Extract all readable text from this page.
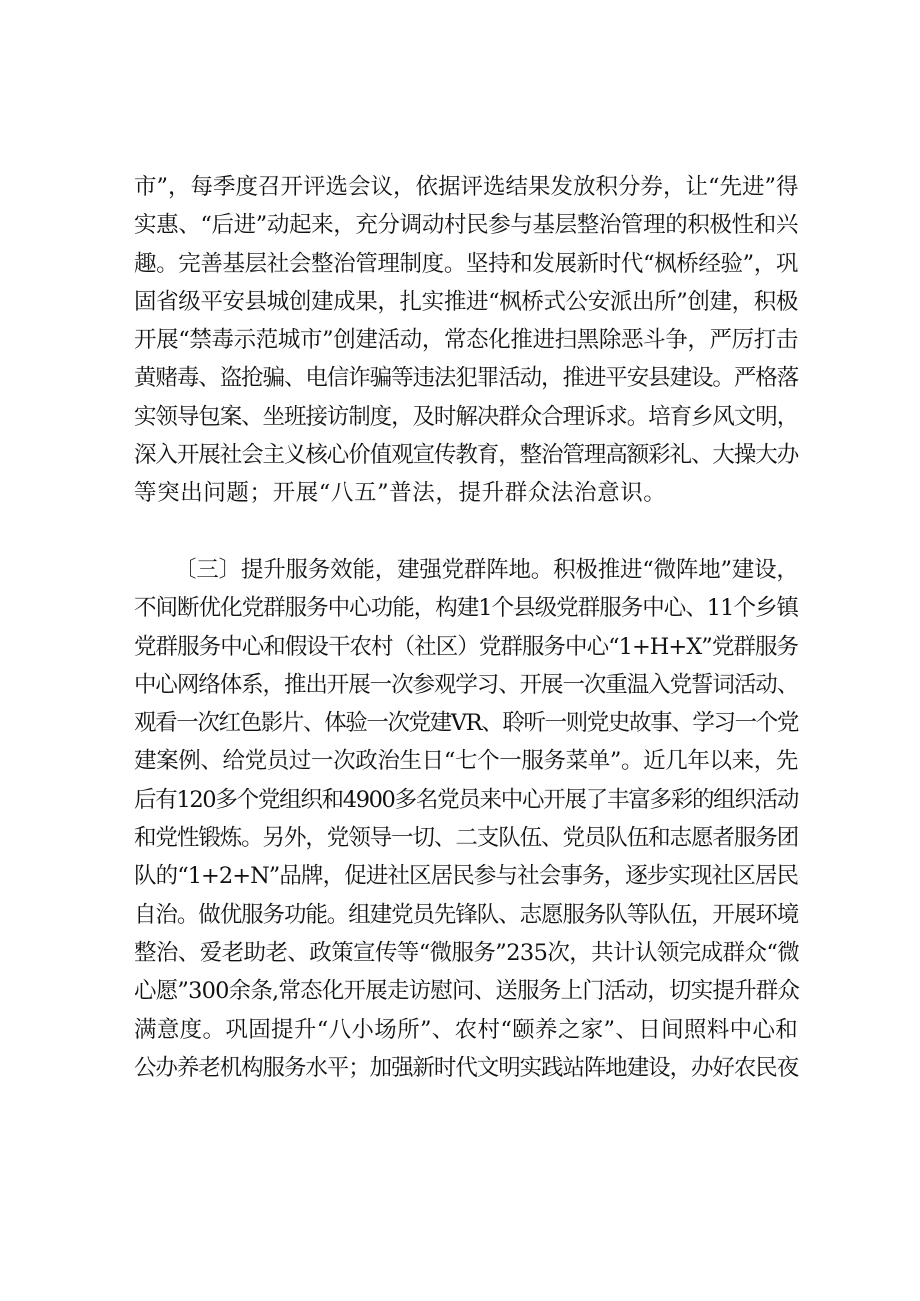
市”，每季度召开评选会议，依据评选结果发放积分券，让“先进”得
实惠、“后进”动起来，充分调动村民参与基层整治管理的积极性和兴
趣。完善基层社会整治管理制度。坚持和发展新时代“枫桥经验”，巩
固省级平安县城创建成果，扎实推进“枫桥式公安派出所”创建，积极
开展“禁毒示范城市”创建活动，常态化推进扫黑除恶斗争，严厉打击
黄赌毒、盗抢骗、电信诈骗等违法犯罪活动，推进平安县建设。严格落
实领导包案、坐班接访制度，及时解决群众合理诉求。培育乡风文明，
深入开展社会主义核心价值观宣传教育，整治管理高额彩礼、大操大办
等突出问题；开展“八五”普法，提升群众法治意识。
〔三〕提升服务效能，建强党群阵地。积极推进“微阵地”建设，
不间断优化党群服务中心功能，构建1个县级党群服务中心、11个乡镇
党群服务中心和假设干农村（社区）党群服务中心“1+H+X”党群服务
中心网络体系，推出开展一次参观学习、开展一次重温入党誓词活动、
观看一次红色影片、体验一次党建VR、聆听一则党史故事、学习一个党
建案例、给党员过一次政治生日“七个一服务菜单”。近几年以来，先
后有120多个党组织和4900多名党员来中心开展了丰富多彩的组织活动
和党性锻炼。另外，党领导一切、二支队伍、党员队伍和志愿者服务团
队的“1+2+N”品牌，促进社区居民参与社会事务，逐步实现社区居民
自治。做优服务功能。组建党员先锋队、志愿服务队等队伍，开展环境
整治、爱老助老、政策宣传等“微服务”235次，共计认领完成群众“微
心愿”300余条,常态化开展走访慰问、送服务上门活动，切实提升群众
满意度。巩固提升“八小场所”、农村“颐养之家”、日间照料中心和
公办养老机构服务水平；加强新时代文明实践站阵地建设，办好农民夜
